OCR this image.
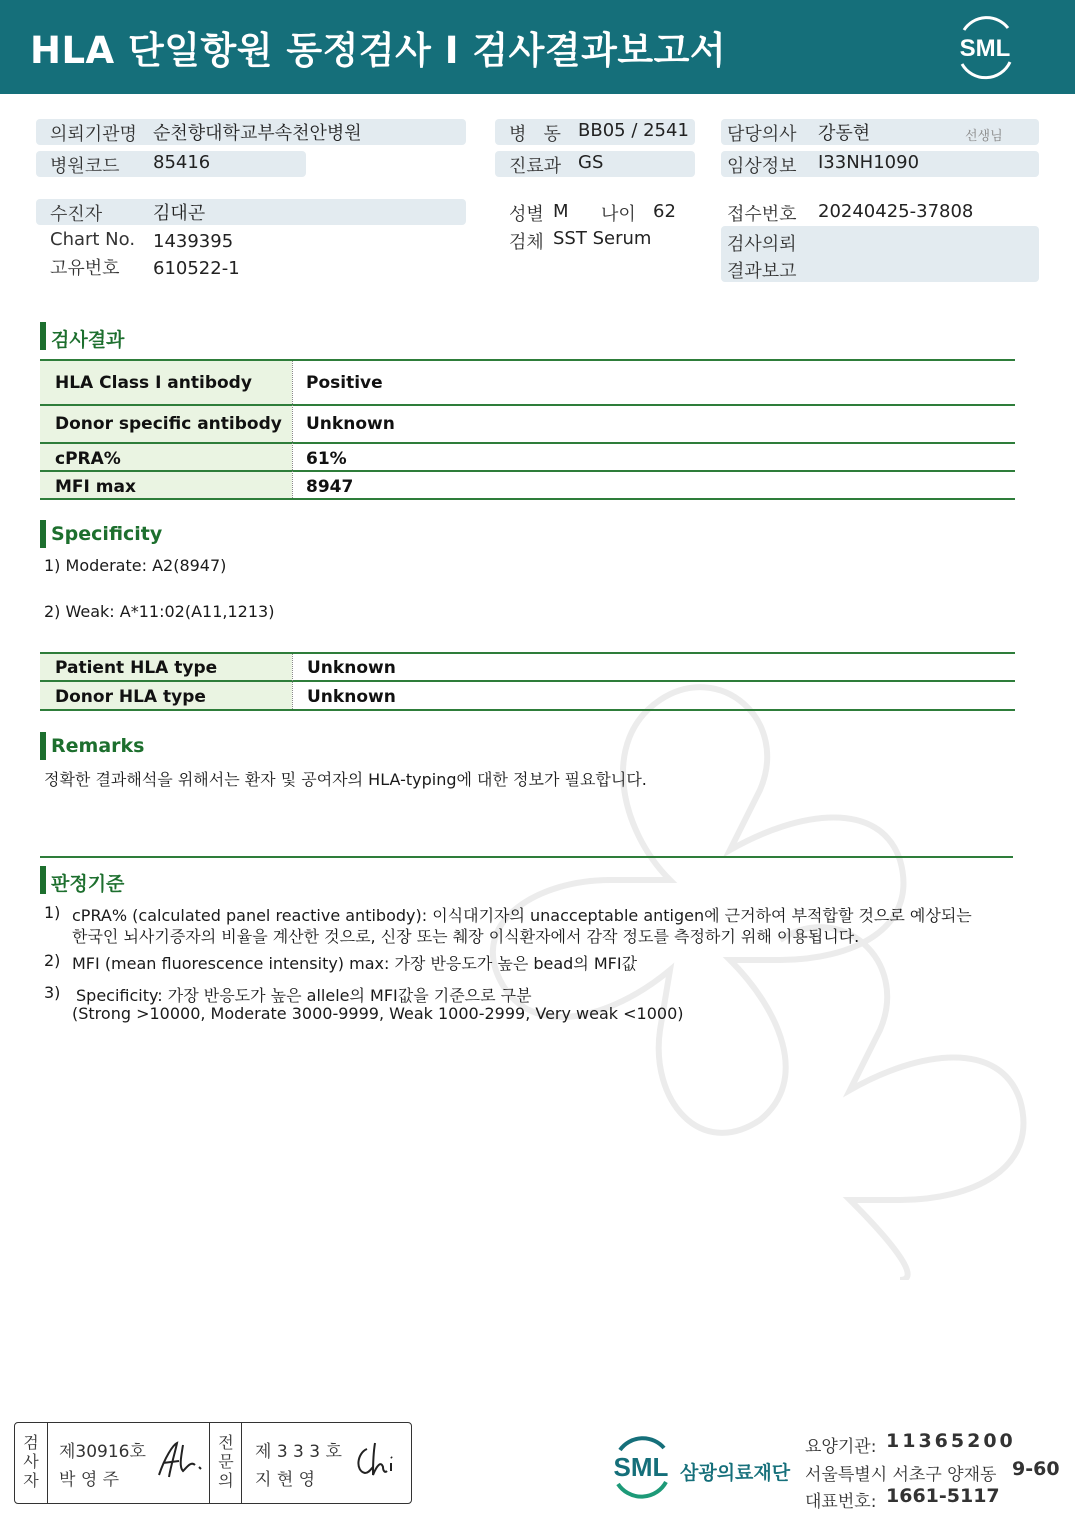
HLA 단일항원 동정검사 I 검사결과보고서	SML
의뢰기관명 순천향대학교부속천안병원
병원코드 85416
병   동 BB05 / 2541
진료과 GS
담당의사 강동현	선생님
임상정보 I33NH1090
수진자	김대곤
Chart No. 1439395
고유번호 610522-1
성별 M 나이 62
검체 SST Serum
접수번호 20240425-37808
검사의뢰
결과보고
검사결과
HLA Class I antibody	Positive
Donor specific antibody Unknown
cPRA%	61%
MFI max	8947
Specificity
1) Moderate: A2(8947)
2) Weak: A*11:02(A11,1213)
Patient HLA type	Unknown
Donor HLA type	Unknown
Remarks
정확한 결과해석을 위해서는 환자 및 공여자의 HLA-typing에 대한 정보가 필요합니다.
판정기준
1) cPRA% (calculated panel reactive antibody): 이식대기자의 unacceptable antigen에 근거하여 부적합할 것으로 예상되는
한국인 뇌사기증자의 비율을 계산한 것으로, 신장 또는 췌장 이식환자에서 감작 정도를 측정하기 위해 이용됩니다.
2) MFI (mean fluorescence intensity) max: 가장 반응도가 높은 bead의 MFI값
3) Specificity: 가장 반응도가 높은 allele의 MFI값을 기준으로 구분
(Strong >10000, Moderate 3000-9999, Weak 1000-2999, Very weak <1000)
검
사
자
제30916호
박 영 주
전
문
의
제 3 3 3 호
지 현 영	SML 삼광의료재단
요양기관: 11365200
서울특별시 서초구 양재동 9-60
대표번호: 1661-5117
